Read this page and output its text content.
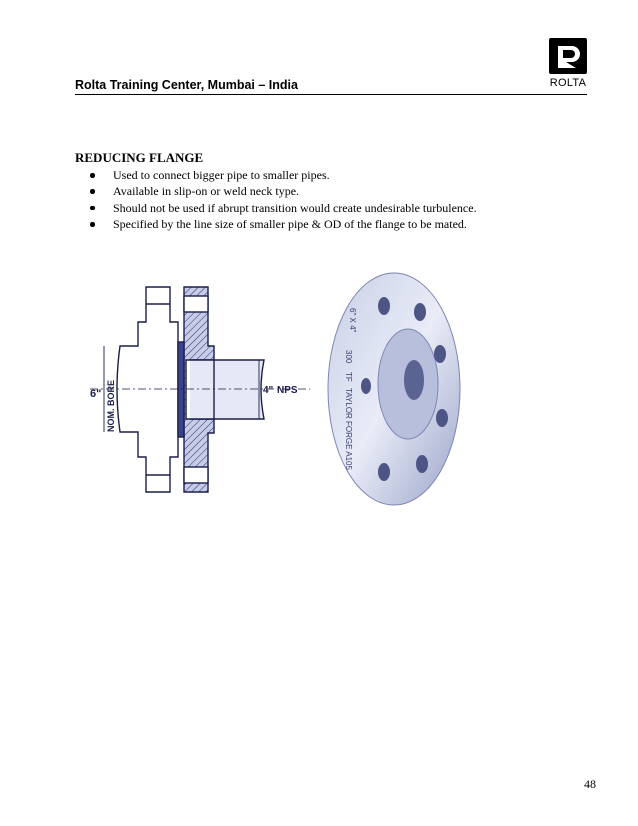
Rolta Training Center, Mumbai – India	ROLTA
REDUCING FLANGE
Used to connect bigger pipe to smaller pipes.
Available in slip-on or weld neck type.
Should not be used if abrupt transition would create undesirable turbulence.
Specified by the line size of smaller pipe & OD of the flange to be mated.
6" NOM. BORE	4" NPS
6" X 4"
300
TF
TAYLOR FORGE A105
48
